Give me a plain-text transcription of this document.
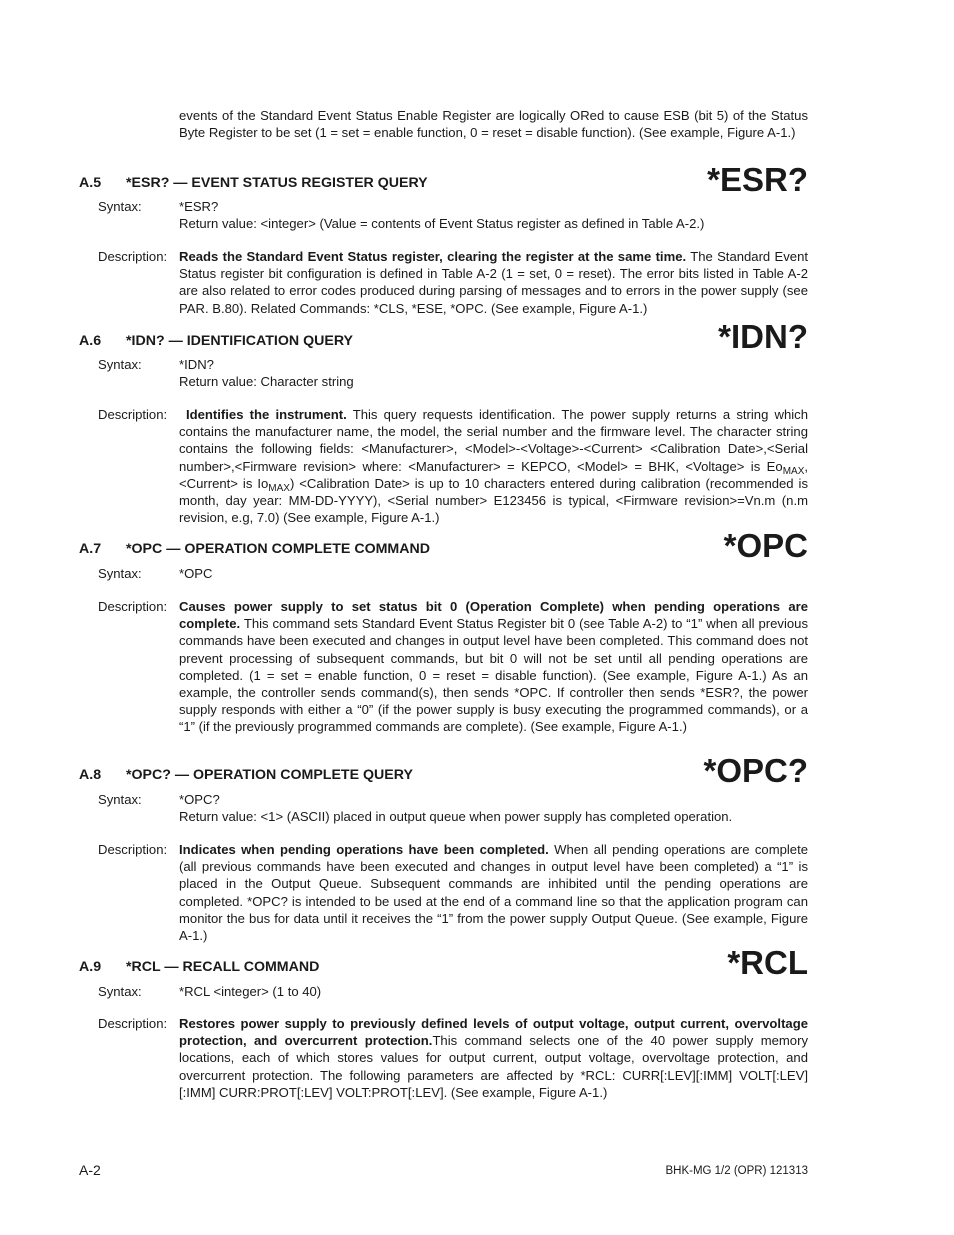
events of the Standard Event Status Enable Register are logically ORed to cause ESB (bit 5) of the Status Byte Register to be set (1 = set = enable function, 0 = reset = disable function). (See example, Figure A-1.)
A.5 *ESR? — EVENT STATUS REGISTER QUERY	*ESR?
Syntax:	*ESR?
Return value: <integer> (Value = contents of Event Status register as defined in Table A-2.)
Description: Reads the Standard Event Status register, clearing the register at the same time. The Standard Event Status register bit configuration is defined in Table A-2 (1 = set, 0 = reset). The error bits listed in Table A-2 are also related to error codes produced during parsing of messages and to errors in the power supply (see PAR. B.80). Related Commands: *CLS, *ESE, *OPC. (See example, Figure A-1.)
A.6 *IDN? — IDENTIFICATION QUERY	*IDN?
Syntax:	*IDN?
Return value: Character string
Description:	Identifies the instrument. This query requests identification. The power supply returns a string which contains the manufacturer name, the model, the serial number and the firmware level. The character string contains the following fields: <Manufacturer>, <Model>-<Voltage>-<Current> <Calibration Date>,<Serial number>,<Firmware revision> where: <Manufacturer> = KEPCO, <Model> = BHK, <Voltage> is $Eo_{MAX}$, <Current> is $Io_{MAX}$) <Calibration Date> is up to 10 characters entered during calibration (recommended is month, day year: MM-DD-YYYY), <Serial number> E123456 is typical, <Firmware revision>=Vn.m (n.m revision, e.g, 7.0) (See example, Figure A-1.)
A.7 *OPC — OPERATION COMPLETE COMMAND	*OPC
Syntax:	*OPC
Description: Causes power supply to set status bit 0 (Operation Complete) when pending operations are complete. This command sets Standard Event Status Register bit 0 (see Table A-2) to “1” when all previous commands have been executed and changes in output level have been completed. This command does not prevent processing of subsequent commands, but bit 0 will not be set until all pending operations are completed. (1 = set = enable function, 0 = reset = disable function). (See example, Figure A-1.) As an example, the controller sends command(s), then sends *OPC. If controller then sends *ESR?, the power supply responds with either a “0” (if the power supply is busy executing the programmed commands), or a “1” (if the previously programmed commands are complete). (See example, Figure A-1.)
A.8 *OPC? — OPERATION COMPLETE QUERY	*OPC?
Syntax:	*OPC?
Return value: <1> (ASCII) placed in output queue when power supply has completed operation.
Description: Indicates when pending operations have been completed. When all pending operations are complete (all previous commands have been executed and changes in output level have been completed) a “1” is placed in the Output Queue. Subsequent commands are inhibited until the pending operations are completed. *OPC? is intended to be used at the end of a command line so that the application program can monitor the bus for data until it receives the “1” from the power supply Output Queue. (See example, Figure A-1.)
A.9 *RCL — RECALL COMMAND	*RCL
Syntax:	*RCL <integer> (1 to 40)
Description: Restores power supply to previously defined levels of output voltage, output current, overvoltage protection, and overcurrent protection.This command selects one of the 40 power supply memory locations, each of which stores values for output current, output voltage, overvoltage protection, and overcurrent protection. The following parameters are affected by *RCL: CURR[:LEV][:IMM] VOLT[:LEV][:IMM] CURR:PROT[:LEV] VOLT:PROT[:LEV]. (See example, Figure A-1.)
A-2	BHK-MG 1/2 (OPR) 121313
